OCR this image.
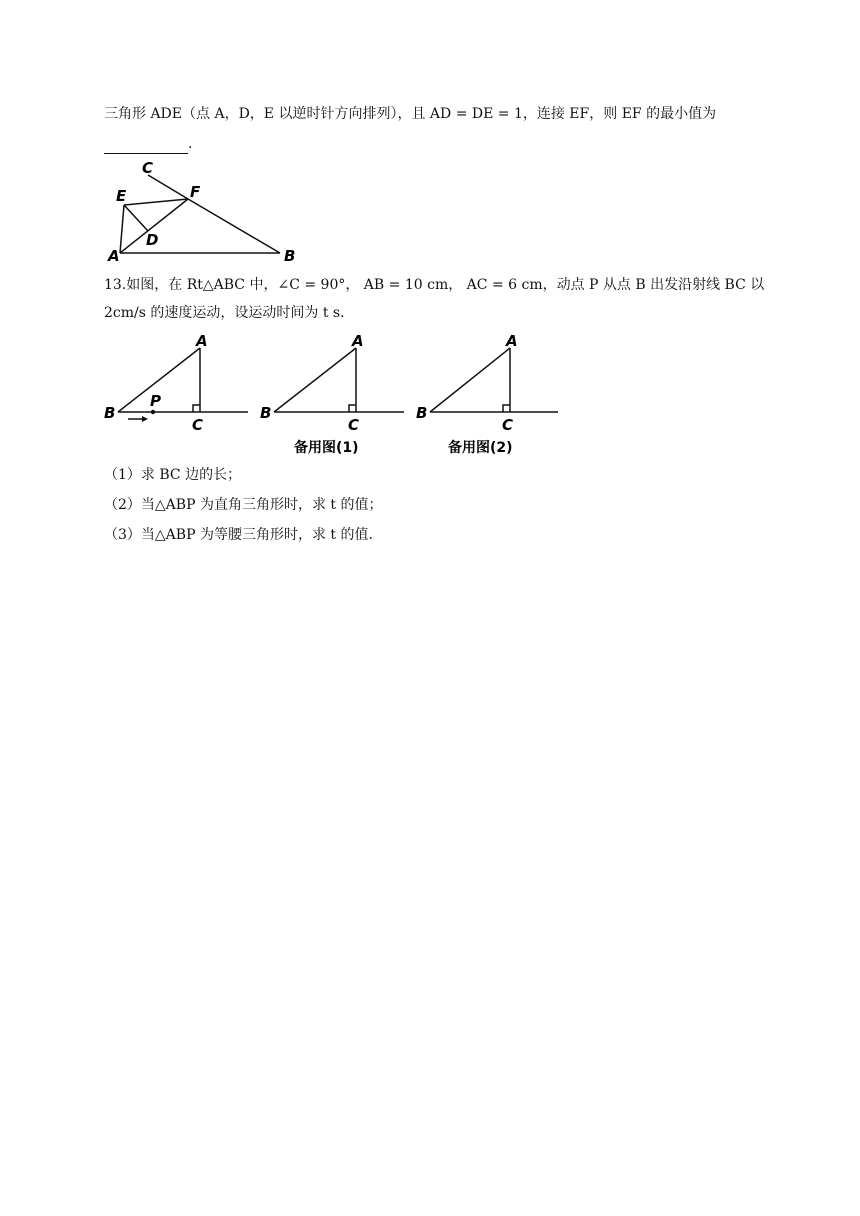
三角形 ADE（点 A，D，E 以逆时针方向排列），且 AD = DE = 1，连接 EF，则 EF 的最小值为
.
C
E	F
D
A	B
13.如图，在 Rt△ABC 中，∠C = 90°， AB = 10 cm， AC = 6 cm，动点 P 从点 B 出发沿射线 BC 以
2cm/s 的速度运动，设运动时间为 t s.
A
B
C
P
A
B
C
备用图(1)
A
B
C
备用图(2)
（1）求 BC 边的长；
（2）当△ABP 为直角三角形时，求 t 的值；
（3）当△ABP 为等腰三角形时，求 t 的值.
